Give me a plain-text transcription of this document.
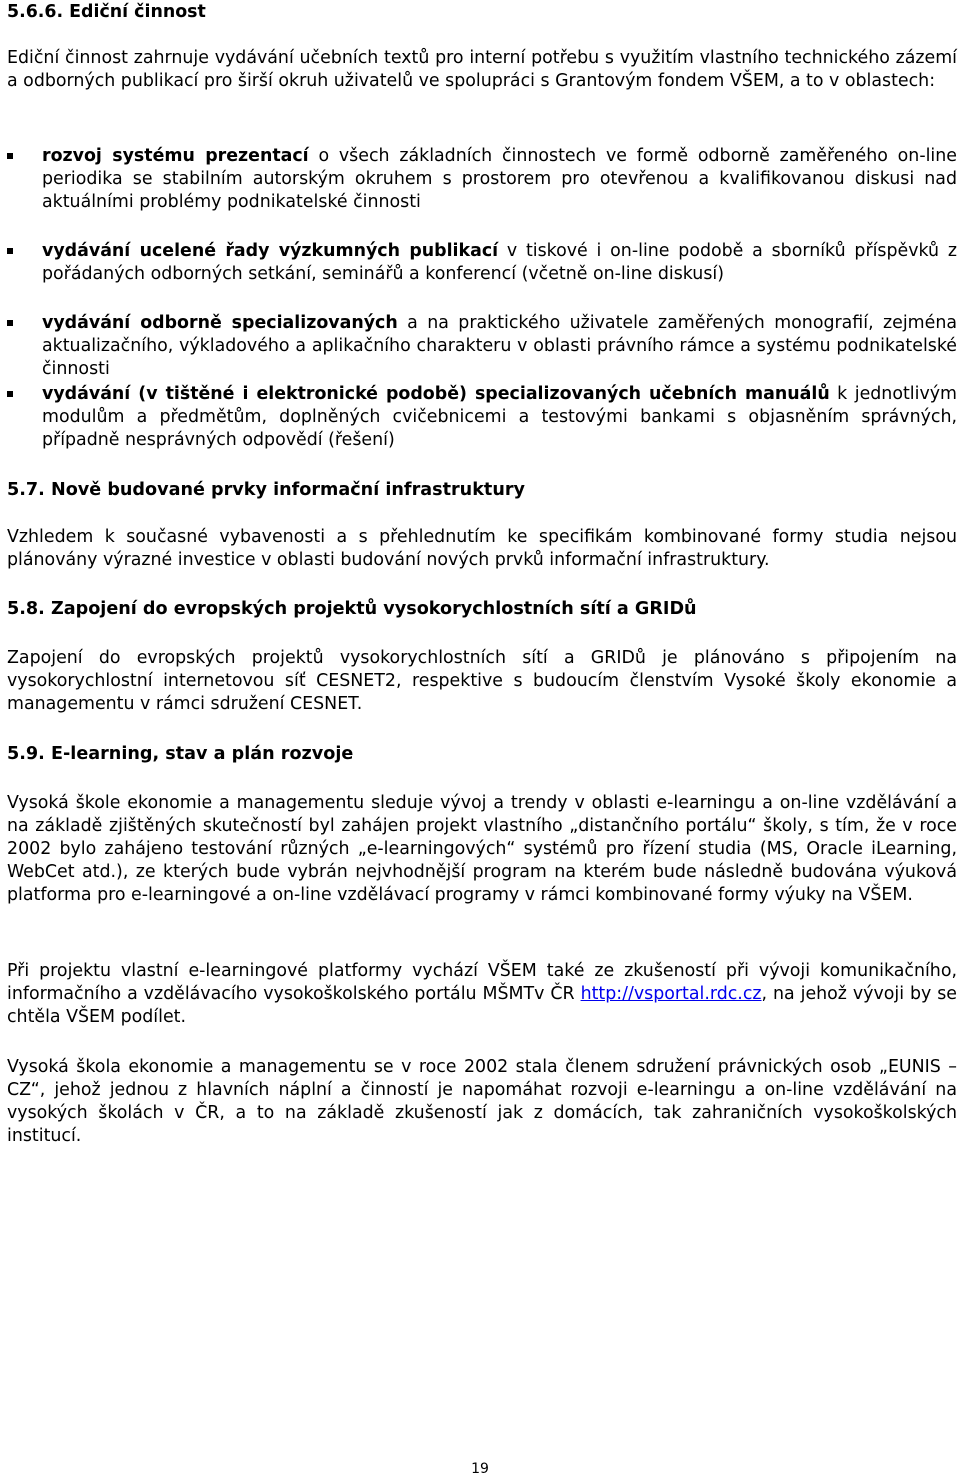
5.6.6. Ediční činnost

Ediční činnost zahrnuje vydávání učebních textů pro interní potřebu s využitím vlastního technického zázemí a odborných publikací pro širší okruh uživatelů ve spolupráci s Grantovým fondem VŠEM, a to v oblastech:

rozvoj systému prezentací o všech základních činnostech ve formě odborně zaměřeného on-line periodika se stabilním autorským okruhem s prostorem pro otevřenou a kvalifikovanou diskusi nad aktuálními problémy podnikatelské činnosti

vydávání ucelené řady výzkumných publikací v tiskové i on-line podobě a sborníků příspěvků z pořádaných odborných setkání, seminářů a konferencí (včetně on-line diskusí)

vydávání odborně specializovaných a na praktického uživatele zaměřených monografií, zejména aktualizačního, výkladového a aplikačního charakteru v oblasti právního rámce a systému podnikatelské činnosti

vydávání (v tištěné i elektronické podobě) specializovaných učebních manuálů k jednotlivým modulům a předmětům, doplněných cvičebnicemi a testovými bankami s objasněním správných, případně nesprávných odpovědí (řešení)

5.7. Nově budované prvky informační infrastruktury

Vzhledem k současné vybavenosti a s přehlednutím ke specifikám kombinované formy studia nejsou plánovány výrazné investice v oblasti budování nových prvků informační infrastruktury.

5.8. Zapojení do evropských projektů vysokorychlostních sítí a GRIDů

Zapojení do evropských projektů vysokorychlostních sítí a GRIDů je plánováno s připojením na vysokorychlostní internetovou síť CESNET2, respektive s budoucím členstvím Vysoké školy ekonomie a managementu v rámci sdružení CESNET.

5.9. E-learning, stav a plán rozvoje

Vysoká škole ekonomie a managementu sleduje vývoj a trendy v oblasti e-learningu a on-line vzdělávání a na základě zjištěných skutečností byl zahájen projekt vlastního „distančního portálu“ školy, s tím, že v roce 2002 bylo zahájeno testování různých „e-learningových“ systémů pro řízení studia (MS, Oracle iLearning, WebCet atd.), ze kterých bude vybrán nejvhodnější program na kterém bude následně budována výuková platforma pro e-learningové a on-line vzdělávací programy v rámci kombinované formy výuky na VŠEM.

Při projektu vlastní e-learningové platformy vychází VŠEM také ze zkušeností při vývoji komunikačního, informačního a vzdělávacího vysokoškolského portálu MŠMTv ČR http://vsportal.rdc.cz, na jehož vývoji by se chtěla VŠEM podílet.

Vysoká škola ekonomie a managementu se v roce 2002 stala členem sdružení právnických osob „EUNIS – CZ“, jehož jednou z hlavních náplní a činností je napomáhat rozvoji e-learningu a on-line vzdělávání na vysokých školách v ČR, a to na základě zkušeností jak z domácích, tak zahraničních vysokoškolských institucí.

19
